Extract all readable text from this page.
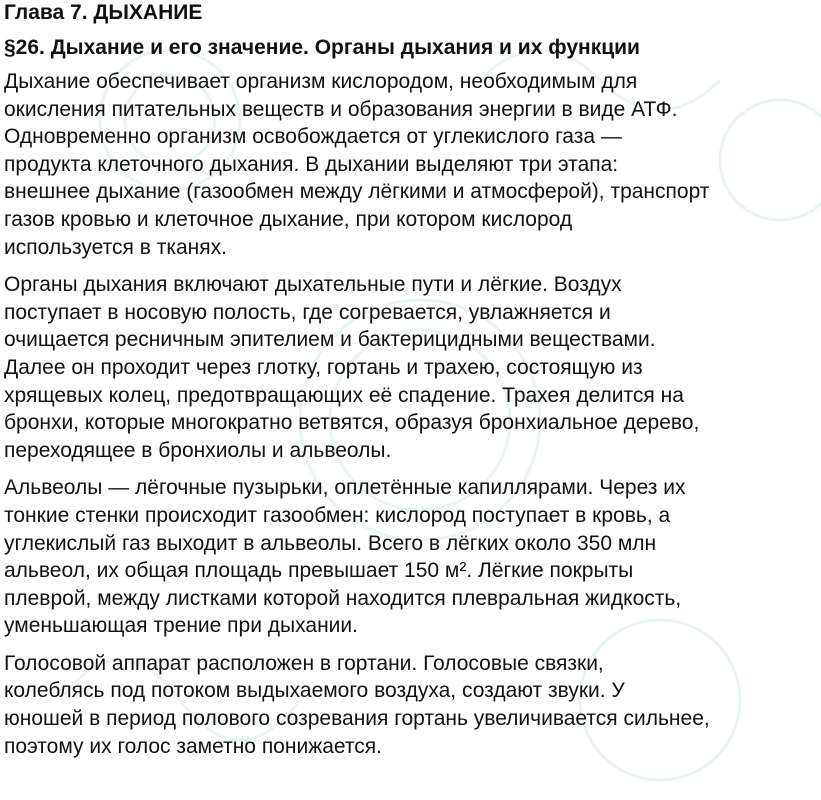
Глава 7. ДЫХАНИЕ
§26. Дыхание и его значение. Органы дыхания и их функции
Дыхание обеспечивает организм кислородом, необходимым для
окисления питательных веществ и образования энергии в виде АТФ.
Одновременно организм освобождается от углекислого газа —
продукта клеточного дыхания. В дыхании выделяют три этапа:
внешнее дыхание (газообмен между лёгкими и атмосферой), транспорт
газов кровью и клеточное дыхание, при котором кислород
используется в тканях.
Органы дыхания включают дыхательные пути и лёгкие. Воздух
поступает в носовую полость, где согревается, увлажняется и
очищается ресничным эпителием и бактерицидными веществами.
Далее он проходит через глотку, гортань и трахею, состоящую из
хрящевых колец, предотвращающих её спадение. Трахея делится на
бронхи, которые многократно ветвятся, образуя бронхиальное дерево,
переходящее в бронхиолы и альвеолы.
Альвеолы — лёгочные пузырьки, оплетённые капиллярами. Через их
тонкие стенки происходит газообмен: кислород поступает в кровь, а
углекислый газ выходит в альвеолы. Всего в лёгких около 350 млн
альвеол, их общая площадь превышает 150 м². Лёгкие покрыты
плеврой, между листками которой находится плевральная жидкость,
уменьшающая трение при дыхании.
Голосовой аппарат расположен в гортани. Голосовые связки,
колеблясь под потоком выдыхаемого воздуха, создают звуки. У
юношей в период полового созревания гортань увеличивается сильнее,
поэтому их голос заметно понижается.
